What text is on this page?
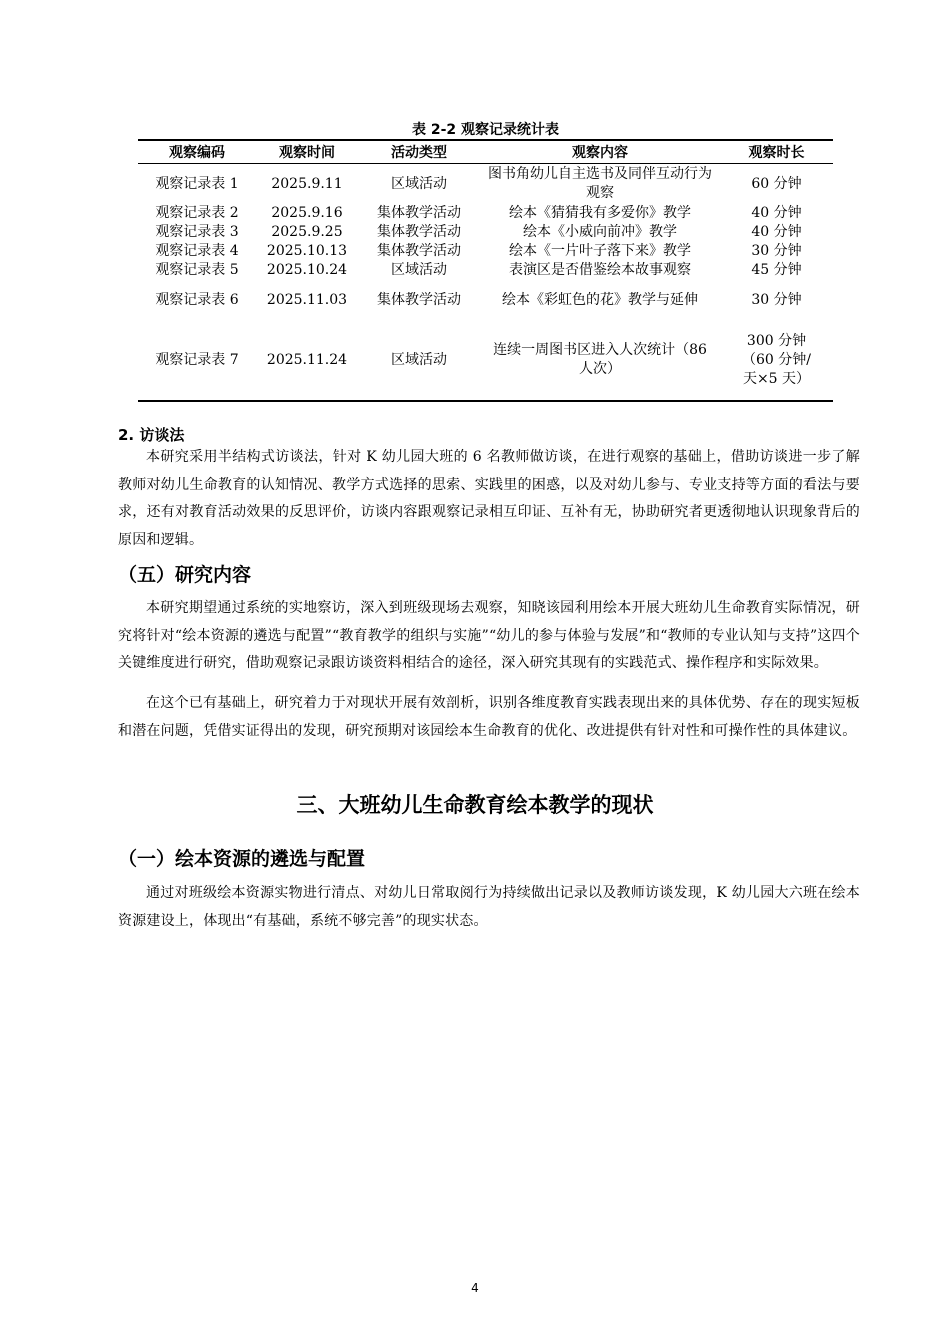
表 2-2 观察记录统计表
观察编码	观察时间	活动类型	观察内容	观察时长
观察记录表 1	2025.9.11	区域活动	图书角幼儿自主选书及同伴互动行为观察	60 分钟
观察记录表 2	2025.9.16	集体教学活动	绘本《猜猜我有多爱你》教学	40 分钟
观察记录表 3	2025.9.25	集体教学活动	绘本《小威向前冲》教学	40 分钟
观察记录表 4	2025.10.13	集体教学活动	绘本《一片叶子落下来》教学	30 分钟
观察记录表 5	2025.10.24	区域活动	表演区是否借鉴绘本故事观察	45 分钟
观察记录表 6	2025.11.03	集体教学活动	绘本《彩虹色的花》教学与延伸	30 分钟
观察记录表 7	2025.11.24	区域活动	连续一周图书区进入人次统计（86 人次）	300 分钟（60 分钟/天×5 天）
2. 访谈法
本研究采用半结构式访谈法，针对 K 幼儿园大班的 6 名教师做访谈，在进行观察的基础上，借助访谈进一步了解教师对幼儿生命教育的认知情况、教学方式选择的思索、实践里的困惑，以及对幼儿参与、专业支持等方面的看法与要求，还有对教育活动效果的反思评价，访谈内容跟观察记录相互印证、互补有无，协助研究者更透彻地认识现象背后的原因和逻辑。
（五）研究内容
本研究期望通过系统的实地察访，深入到班级现场去观察，知晓该园利用绘本开展大班幼儿生命教育实际情况，研究将针对“绘本资源的遴选与配置”“教育教学的组织与实施”“幼儿的参与体验与发展”和“教师的专业认知与支持”这四个关键维度进行研究，借助观察记录跟访谈资料相结合的途径，深入研究其现有的实践范式、操作程序和实际效果。
在这个已有基础上，研究着力于对现状开展有效剖析，识别各维度教育实践表现出来的具体优势、存在的现实短板和潜在问题，凭借实证得出的发现，研究预期对该园绘本生命教育的优化、改进提供有针对性和可操作性的具体建议。
三、大班幼儿生命教育绘本教学的现状
（一）绘本资源的遴选与配置
通过对班级绘本资源实物进行清点、对幼儿日常取阅行为持续做出记录以及教师访谈发现，K 幼儿园大六班在绘本资源建设上，体现出“有基础，系统不够完善”的现实状态。
4
